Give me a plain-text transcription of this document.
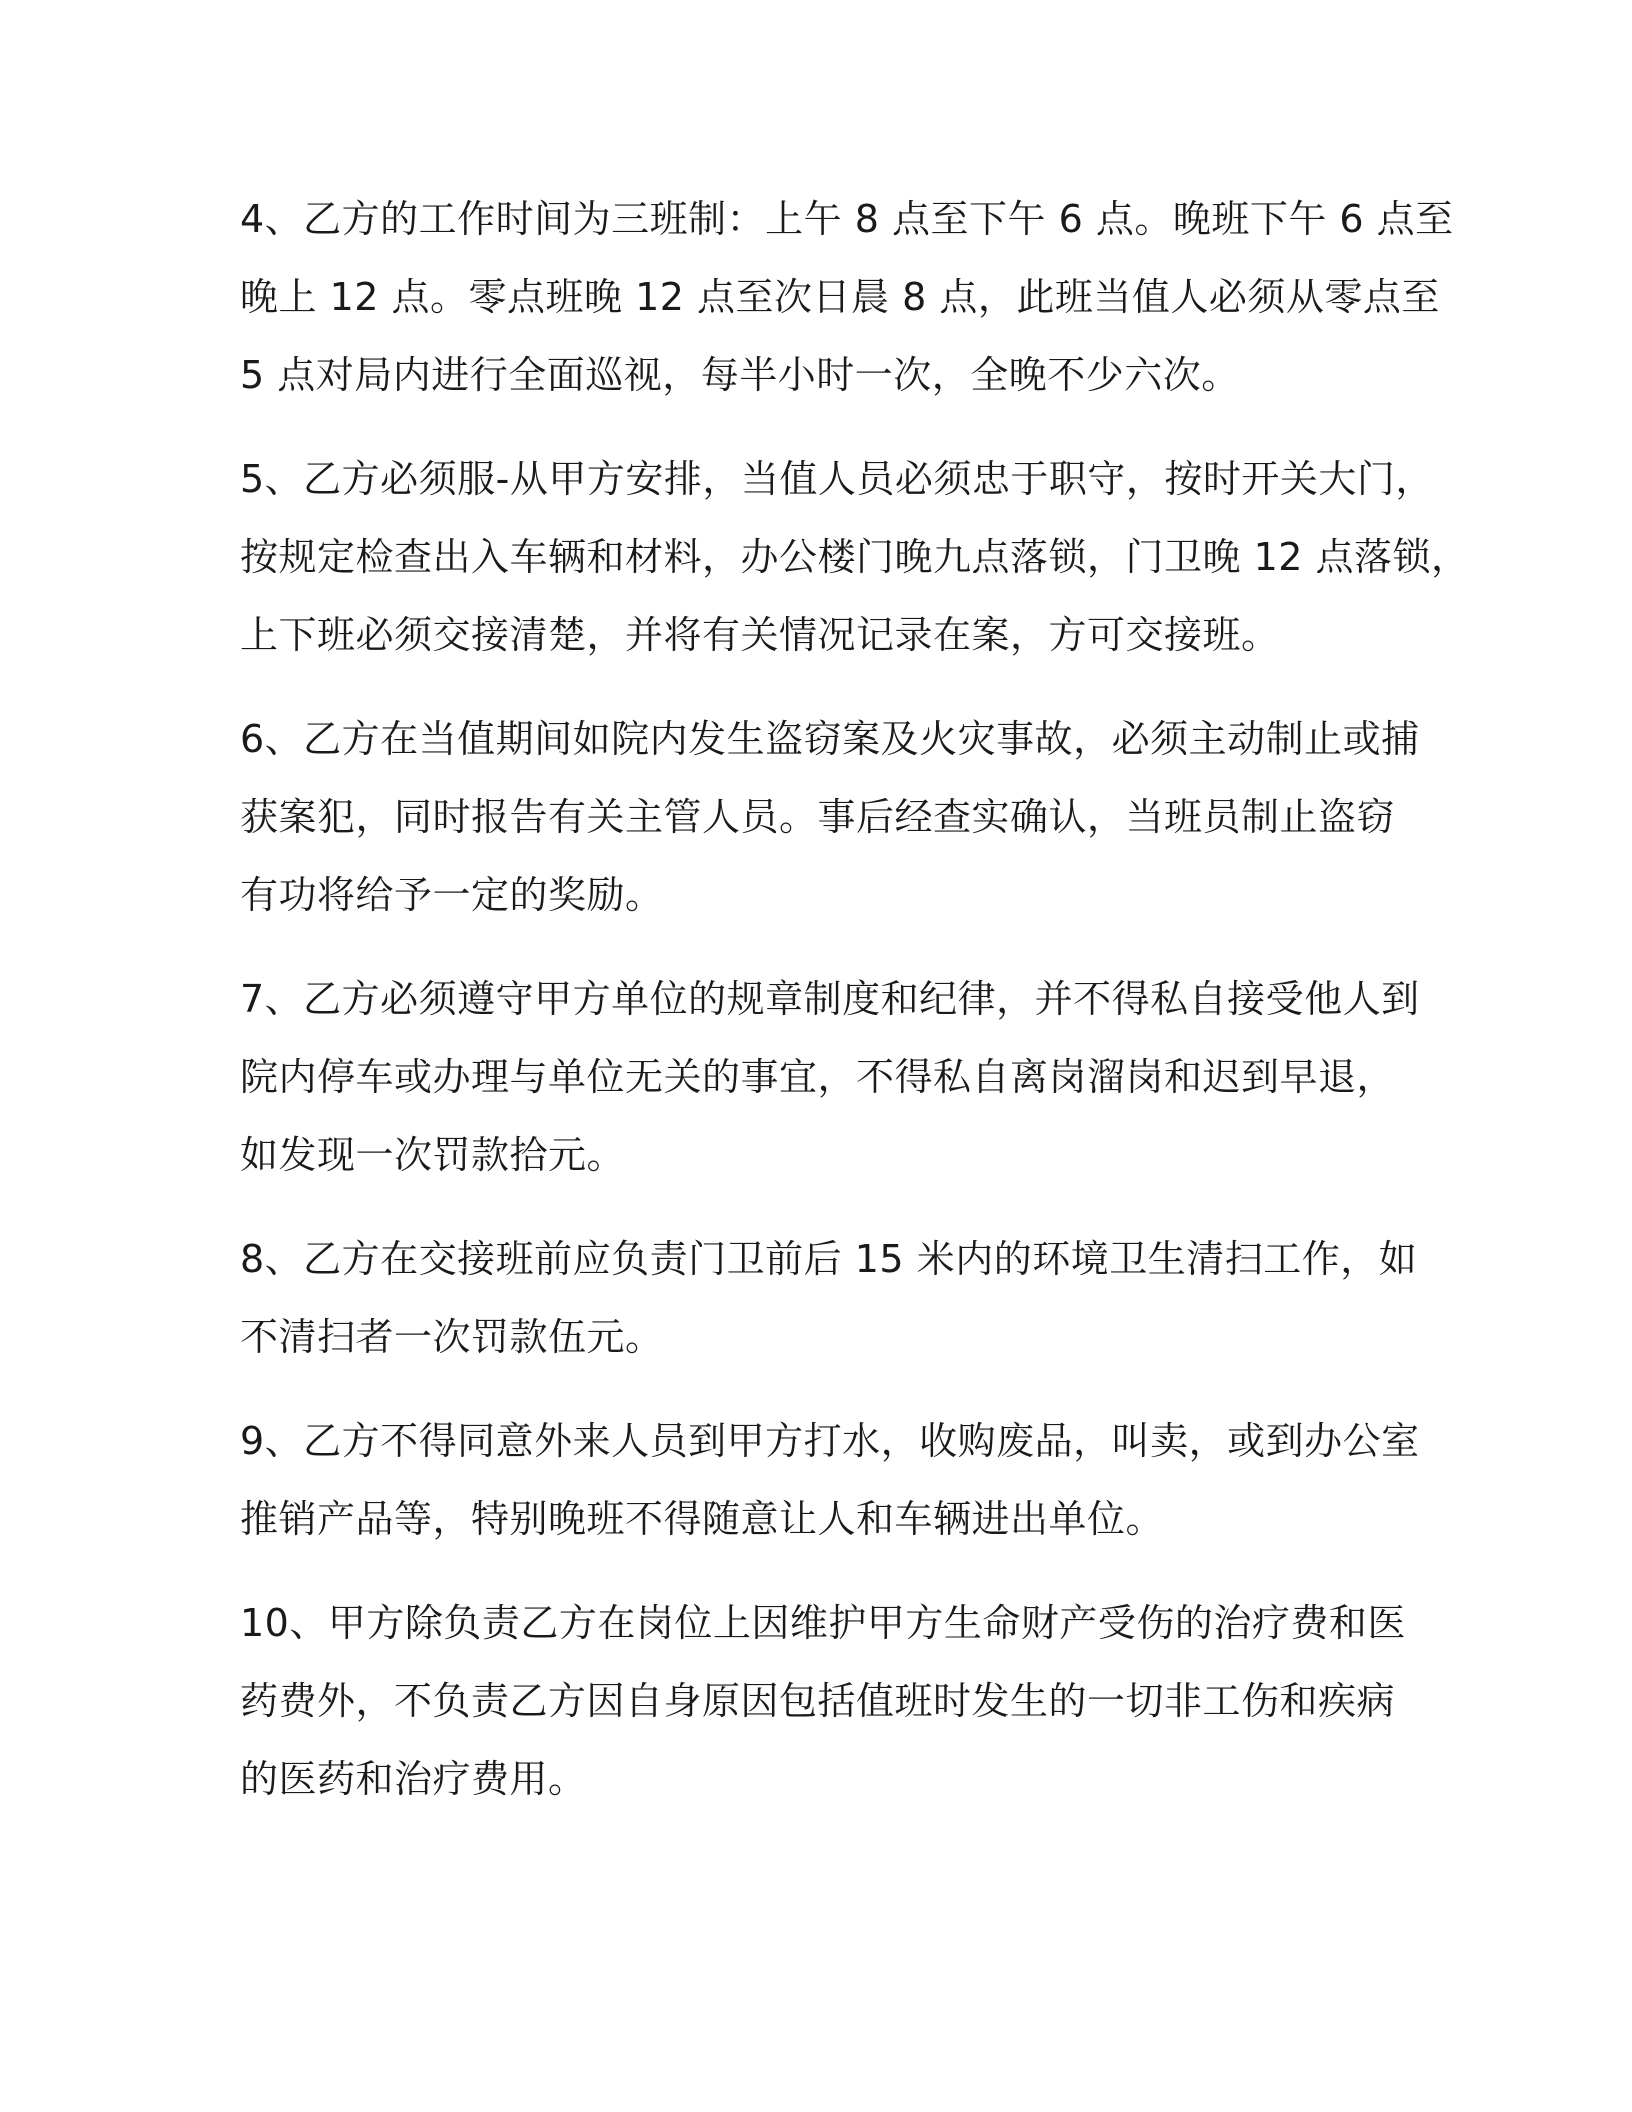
4、乙方的工作时间为三班制：上午 8 点至下午 6 点。晚班下午 6 点至
晚上 12 点。零点班晚 12 点至次日晨 8 点，此班当值人必须从零点至
5 点对局内进行全面巡视，每半小时一次，全晚不少六次。
5、乙方必须服-从甲方安排，当值人员必须忠于职守，按时开关大门，
按规定检查出入车辆和材料，办公楼门晚九点落锁，门卫晚 12 点落锁，
上下班必须交接清楚，并将有关情况记录在案，方可交接班。
6、乙方在当值期间如院内发生盗窃案及火灾事故，必须主动制止或捕
获案犯，同时报告有关主管人员。事后经查实确认，当班员制止盗窃
有功将给予一定的奖励。
7、乙方必须遵守甲方单位的规章制度和纪律，并不得私自接受他人到
院内停车或办理与单位无关的事宜，不得私自离岗溜岗和迟到早退，
如发现一次罚款拾元。
8、乙方在交接班前应负责门卫前后 15 米内的环境卫生清扫工作，如
不清扫者一次罚款伍元。
9、乙方不得同意外来人员到甲方打水，收购废品，叫卖，或到办公室
推销产品等，特别晚班不得随意让人和车辆进出单位。
10、甲方除负责乙方在岗位上因维护甲方生命财产受伤的治疗费和医
药费外，不负责乙方因自身原因包括值班时发生的一切非工伤和疾病
的医药和治疗费用。
